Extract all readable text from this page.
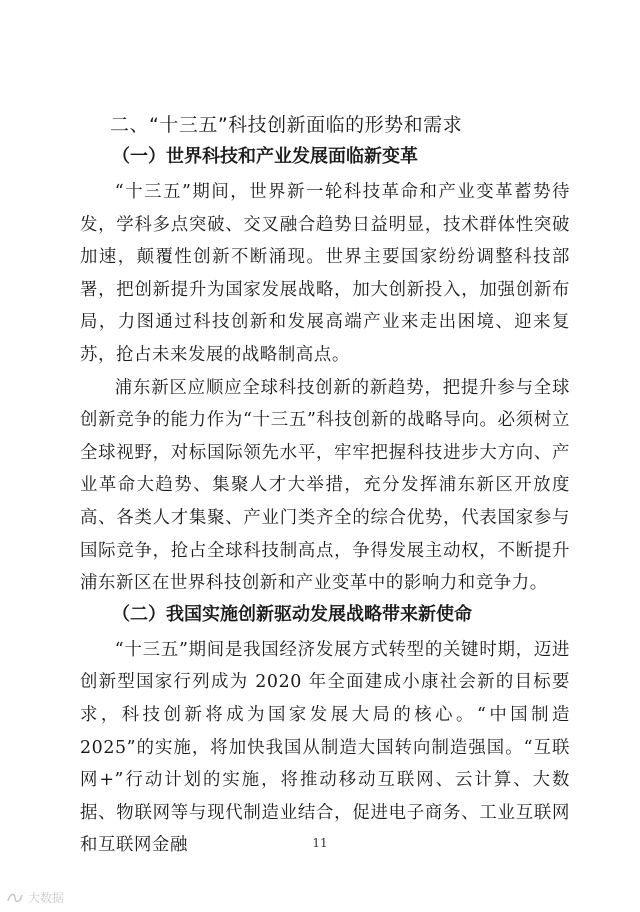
二、“十三五”科技创新面临的形势和需求
（一）世界科技和产业发展面临新变革

“十三五”期间，世界新一轮科技革命和产业变革蓄势待发，学科多点突破、交叉融合趋势日益明显，技术群体性突破加速，颠覆性创新不断涌现。世界主要国家纷纷调整科技部署，把创新提升为国家发展战略，加大创新投入，加强创新布局，力图通过科技创新和发展高端产业来走出困境、迎来复苏，抢占未来发展的战略制高点。

浦东新区应顺应全球科技创新的新趋势，把提升参与全球创新竞争的能力作为“十三五”科技创新的战略导向。必须树立全球视野，对标国际领先水平，牢牢把握科技进步大方向、产业革命大趋势、集聚人才大举措，充分发挥浦东新区开放度高、各类人才集聚、产业门类齐全的综合优势，代表国家参与国际竞争，抢占全球科技制高点，争得发展主动权，不断提升浦东新区在世界科技创新和产业变革中的影响力和竞争力。

（二）我国实施创新驱动发展战略带来新使命

“十三五”期间是我国经济发展方式转型的关键时期，迈进创新型国家行列成为 2020 年全面建成小康社会新的目标要求，科技创新将成为国家发展大局的核心。“中国制造 2025”的实施，将加快我国从制造大国转向制造强国。“互联网+”行动计划的实施，将推动移动互联网、云计算、大数据、物联网等与现代制造业结合，促进电子商务、工业互联网和互联网金融	11
大数据
